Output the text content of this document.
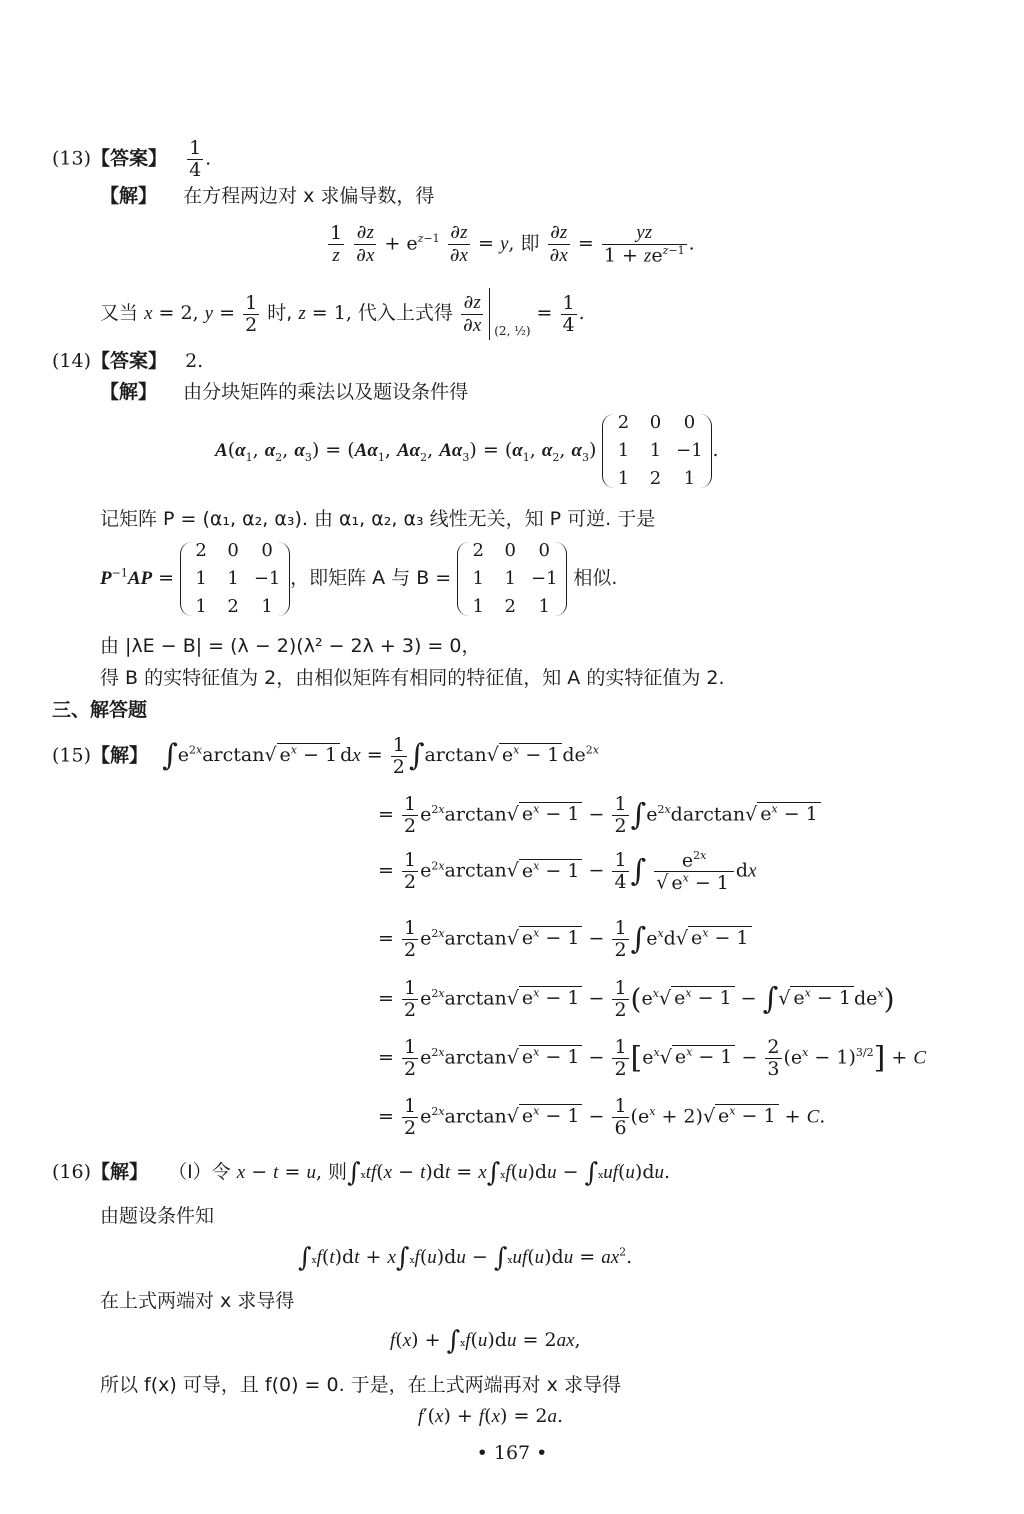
(13)【答案】 $\frac{1}{4}$ .
【解】 在方程两边对 x 求偏导数，得
$\frac{1}{z}$
$\frac{\partial z}{\partial x} + e^{z-1} \frac{\partial z}{\partial x} = y$, 即 $\frac{\partial z}{\partial x}$ =
yz
$1 + ze^{z-1}$ .
又当 x = 2, $y = \frac{1}{2}$ 时, z = 1, 代入上式得 $\frac{\partial z}{\partial x} _{(2, \frac{1}{2})} = \frac{1}{4}$ .
(14)【答案】 2.
【解】 由分块矩阵的乘法以及题设条件得
$A(\alpha_1$, $\alpha_2$, $\alpha_3) = (A\alpha_1$, $A\alpha_2$, $A\alpha_3) = (\alpha_1$, $\alpha_2$, $\alpha_3$)
2	0	0
1	1 −1
1	2	1
.
记矩阵 P = (α₁, α₂, α₃). 由 α₁, α₂, α₃ 线性无关，知 P 可逆. 于是
$P^{-1}AP$ =
2	0	0
1	1 −1
1	2	1
，即矩阵 A 与 B =
2	0	0
1	1 −1
1	2	1
相似.
由 |λE − B| = (λ − 2)(λ² − 2λ + 3) = 0，
得 B 的实特征值为 2，由相似矩阵有相同的特征值，知 A 的实特征值为 2.
三、解答题
(15)【解】 $\int e^{2x}\arctan√$ $e^x - 1$ dx = $\frac{1}{2} \int\arctan√$ $e^x - 1$ $de^{2x}$
= $\frac{1}{2} e^{2x}\arctan√$ $e^x - 1 - \frac{1}{2} \int e^{2x}darctan√$ $e^x - 1$
= $\frac{1}{2} e^{2x}\arctan√$ $e^x - 1 - \frac{1}{4}$ ∫ $\frac{e^{2x}}{√ e^x - 1}$ dx
= $\frac{1}{2} e^{2x}\arctan√$ $e^x - 1 - \frac{1}{2} \int e^xd√$ $e^x - 1$
= $\frac{1}{2} e^{2x}\arctan√$ $e^x - 1 - \frac{1}{2} (e^x√$ $e^x - 1$ − ∫√ $e^x - 1$ $de^x$)
= $\frac{1}{2} e^{2x}\arctan√$ $e^x - 1 - \frac{1}{2} [e^x√$ $e^x - 1 - \frac{2}{3} (e^x - 1)^{3/2}] + C$
= $\frac{1}{2} e^{2x}\arctan√$ $e^x - 1 - \frac{1}{6} (e^x + 2)√$ $e^x - 1 + C$.
(16)【解】 （Ⅰ）令 x − t = u, 则∫xtf(x − t)dt = x∫xf(u)du − ∫xuf(u)du.
由题设条件知
$\int xf(t)dt + x\int xf(u)du - \int xuf(u)du = ax^2$.
在上式两端对 x 求导得
f(x) + ∫xf(u)du = 2ax,
所以 f(x) 可导，且 f(0) = 0. 于是，在上式两端再对 x 求导得
f′(x) + f(x) = 2a.
• 167 •
